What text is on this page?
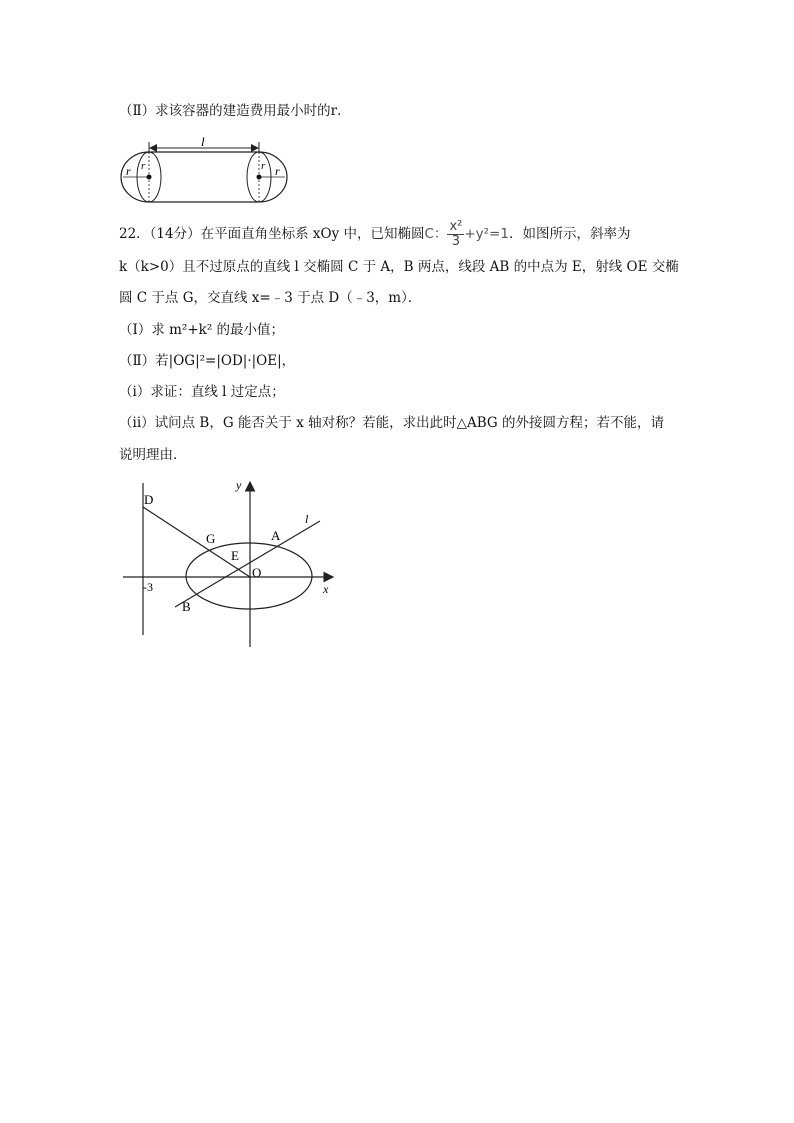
（Ⅱ）求该容器的建造费用最小时的r．
l
r r	r r
22．（14分）在平面直角坐标系 xOy 中，已知椭圆C： $\frac{\text{x²}}{3} +y^2=1$．如图所示，斜率为
k（k>0）且不过原点的直线 l 交椭圆 C 于 A，B 两点，线段 AB 的中点为 E，射线 OE 交椭
圆 C 于点 G，交直线 x=﹣3 于点 D（﹣3，m）．
（Ⅰ）求 m²+k² 的最小值；
（Ⅱ）若|OG|²=|OD|·|OE|，
（i）求证：直线 l 过定点；
（ii）试问点 B，G 能否关于 x 轴对称？若能，求出此时△ABG 的外接圆方程；若不能，请
说明理由．
y
x
D
l
G	A
E
O
-3
B
